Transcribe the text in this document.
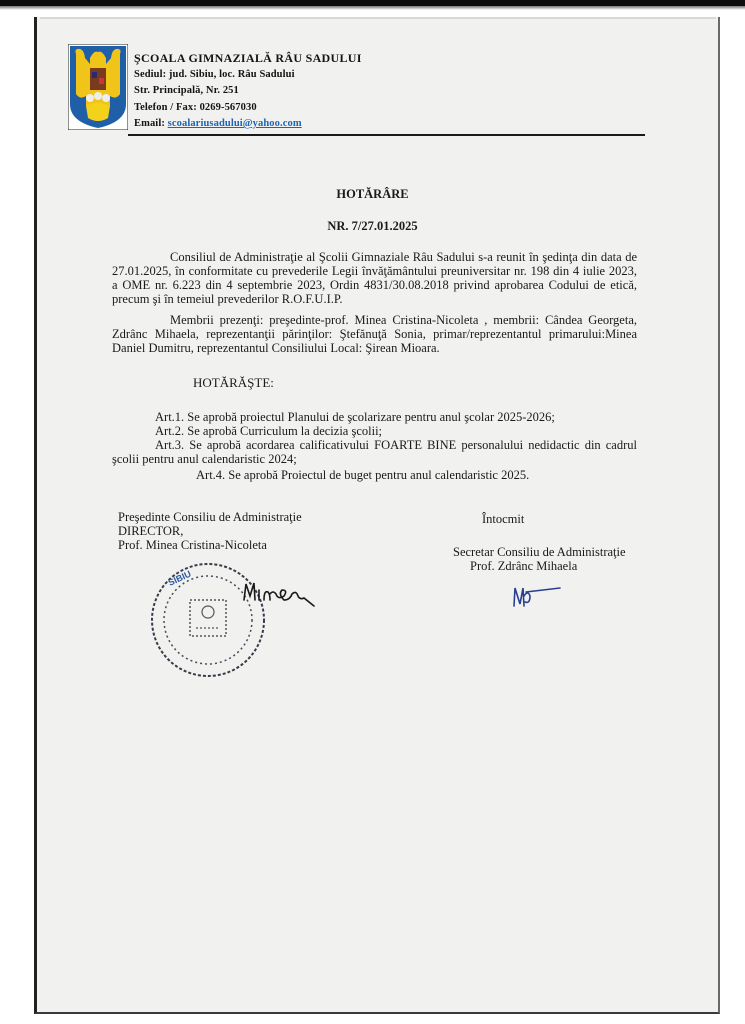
ŞCOALA GIMNAZIALĂ RÂU SADULUI
Sediul: jud. Sibiu, loc. Râu Sadului
Str. Principală, Nr. 251
Telefon / Fax: 0269-567030
Email: scoalariusadului@yahoo.com
HOTĂRÂRE
NR. 7/27.01.2025
Consiliul de Administraţie al Şcolii Gimnaziale Râu Sadului s-a reunit în şedinţa din data de 27.01.2025, în conformitate cu prevederile Legii învăţământului preuniversitar nr. 198 din 4 iulie 2023, a OME nr. 6.223 din 4 septembrie 2023, Ordin 4831/30.08.2018 privind aprobarea Codului de etică, precum şi în temeiul prevederilor R.O.F.U.I.P.
Membrii prezenţi: preşedinte-prof. Minea Cristina-Nicoleta , membrii: Cândea Georgeta, Zdrânc Mihaela, reprezentanţii părinţilor: Ştefănuţă Sonia, primar/reprezentantul primarului:Minea Daniel Dumitru, reprezentantul Consiliului Local: Şirean Mioara.
HOTĂRĂŞTE:
Art.1. Se aprobă proiectul Planului de şcolarizare pentru anul şcolar 2025-2026;
Art.2. Se aprobă Curriculum la decizia şcolii;
Art.3. Se aprobă acordarea calificativului FOARTE BINE personalului nedidactic din cadrul şcolii pentru anul calendaristic 2024;
Art.4. Se aprobă Proiectul de buget pentru anul calendaristic 2025.
Preşedinte Consiliu de Administraţie
DIRECTOR,
Prof. Minea Cristina-Nicoleta
SIBIU
Întocmit
Secretar Consiliu de Administraţie
Prof. Zdrânc Mihaela
